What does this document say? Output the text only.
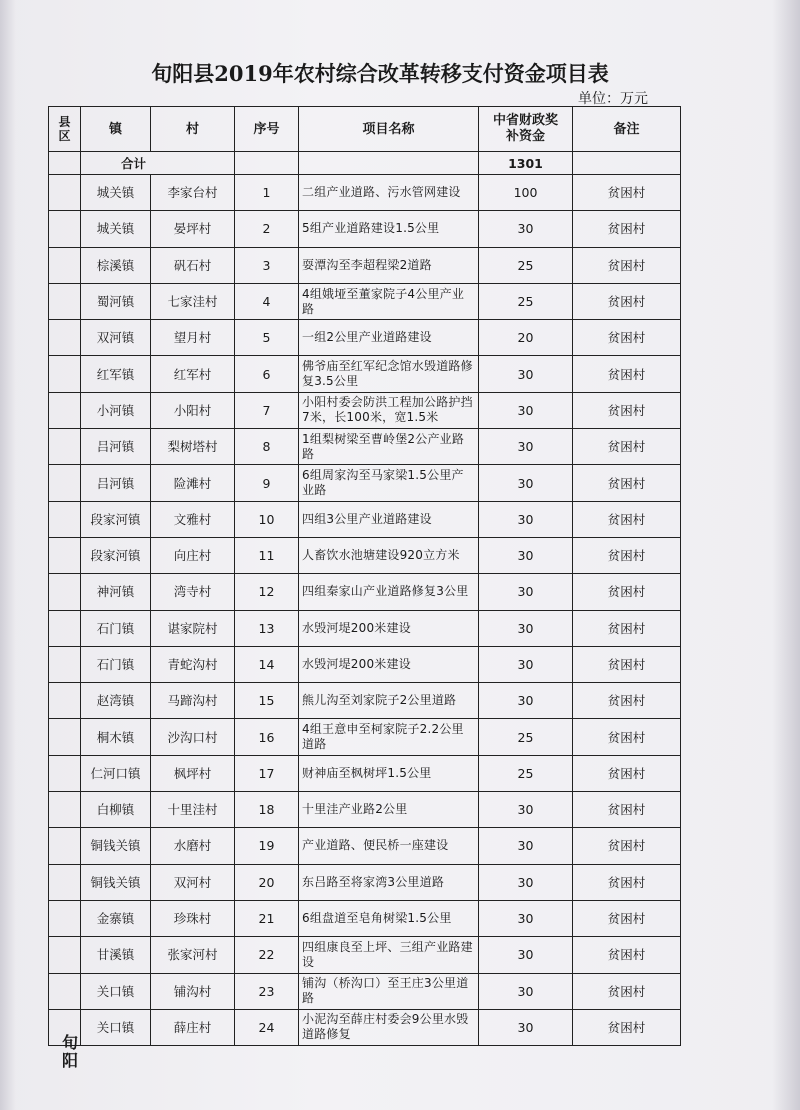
旬阳县2019年农村综合改革转移支付资金项目表
单位：万元
县区	镇	村	序号	项目名称	中省财政奖补资金	备注
	合计				1301	
	城关镇	李家台村	1	二组产业道路、污水管网建设	100	贫困村
	城关镇	晏坪村	2	5组产业道路建设1.5公里	30	贫困村
	棕溪镇	矾石村	3	耍潭沟至李超程梁2道路	25	贫困村
	蜀河镇	七家洼村	4	4组娥垭至董家院子4公里产业路	25	贫困村
	双河镇	望月村	5	一组2公里产业道路建设	20	贫困村
	红军镇	红军村	6	佛爷庙至红军纪念馆水毁道路修复3.5公里	30	贫困村
	小河镇	小阳村	7	小阳村委会防洪工程加公路护挡7米，长100米，宽1.5米	30	贫困村
	吕河镇	梨树塔村	8	1组梨树梁至曹岭堡2公产业路路	30	贫困村
	吕河镇	险滩村	9	6组周家沟至马家梁1.5公里产业路	30	贫困村
	段家河镇	文雅村	10	四组3公里产业道路建设	30	贫困村
	段家河镇	向庄村	11	人畜饮水池塘建设920立方米	30	贫困村
	神河镇	湾寺村	12	四组秦家山产业道路修复3公里	30	贫困村
	石门镇	谌家院村	13	水毁河堤200米建设	30	贫困村
	石门镇	青蛇沟村	14	水毁河堤200米建设	30	贫困村
	赵湾镇	马蹄沟村	15	熊儿沟至刘家院子2公里道路	30	贫困村
	桐木镇	沙沟口村	16	4组王意申至柯家院子2.2公里道路	25	贫困村
	仁河口镇	枫坪村	17	财神庙至枫树坪1.5公里	25	贫困村
	白柳镇	十里洼村	18	十里洼产业路2公里	30	贫困村
	铜钱关镇	水磨村	19	产业道路、便民桥一座建设	30	贫困村
	铜钱关镇	双河村	20	东吕路至将家湾3公里道路	30	贫困村
	金寨镇	珍珠村	21	6组盘道至皂角树梁1.5公里	30	贫困村
	甘溪镇	张家河村	22	四组康良至上坪、三组产业路建设	30	贫困村
	关口镇	铺沟村	23	铺沟（桥沟口）至王庄3公里道路	30	贫困村
	关口镇	薛庄村	24	小泥沟至薛庄村委会9公里水毁道路修复	30	贫困村
旬阳
